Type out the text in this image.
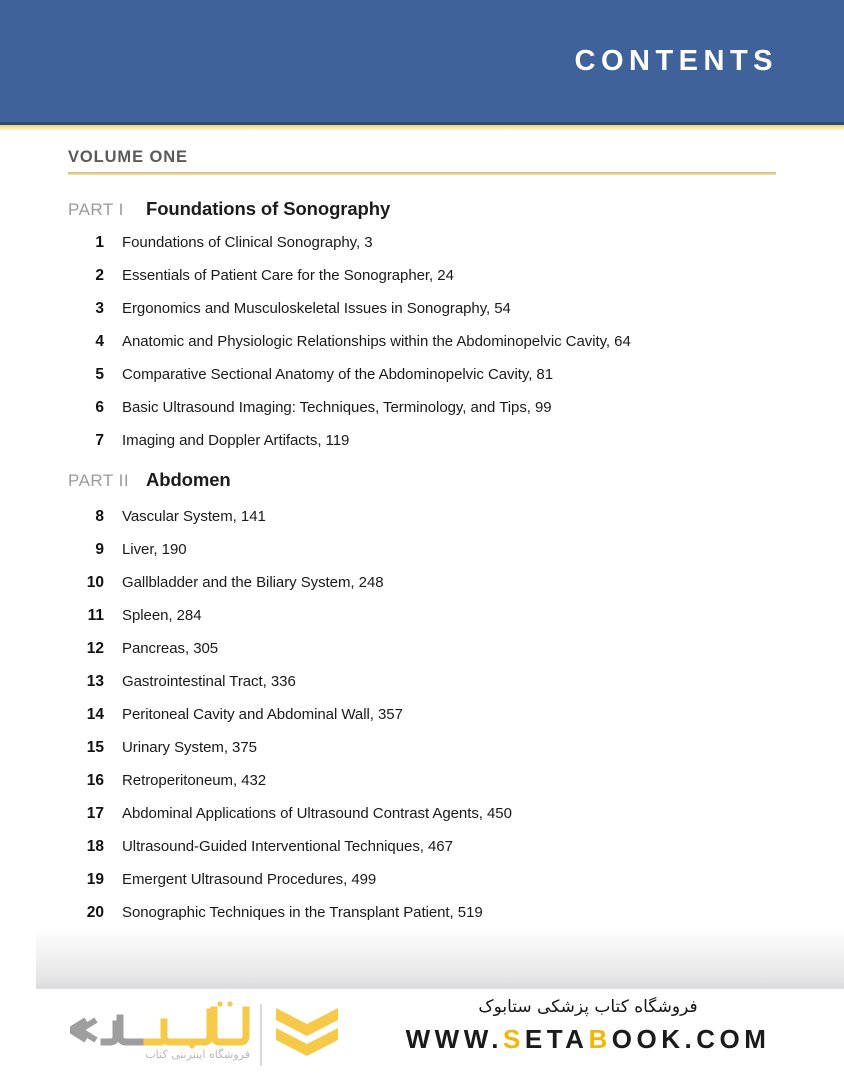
CONTENTS
VOLUME ONE
PART I	Foundations of Sonography
1 Foundations of Clinical Sonography, 3
2 Essentials of Patient Care for the Sonographer, 24
3 Ergonomics and Musculoskeletal Issues in Sonography, 54
4 Anatomic and Physiologic Relationships within the Abdominopelvic Cavity, 64
5 Comparative Sectional Anatomy of the Abdominopelvic Cavity, 81
6 Basic Ultrasound Imaging: Techniques, Terminology, and Tips, 99
7 Imaging and Doppler Artifacts, 119
PART II Abdomen
8 Vascular System, 141
9 Liver, 190
10 Gallbladder and the Biliary System, 248
11 Spleen, 284
12 Pancreas, 305
13 Gastrointestinal Tract, 336
14 Peritoneal Cavity and Abdominal Wall, 357
15 Urinary System, 375
16 Retroperitoneum, 432
17 Abdominal Applications of Ultrasound Contrast Agents, 450
18 Ultrasound-Guided Interventional Techniques, 467
19 Emergent Ultrasound Procedures, 499
20 Sonographic Techniques in the Transplant Patient, 519
فروشگاه اینترنتی کتاب
فروشگاه کتاب پزشکی ستابوک
WWW.SETABOOK.COM
